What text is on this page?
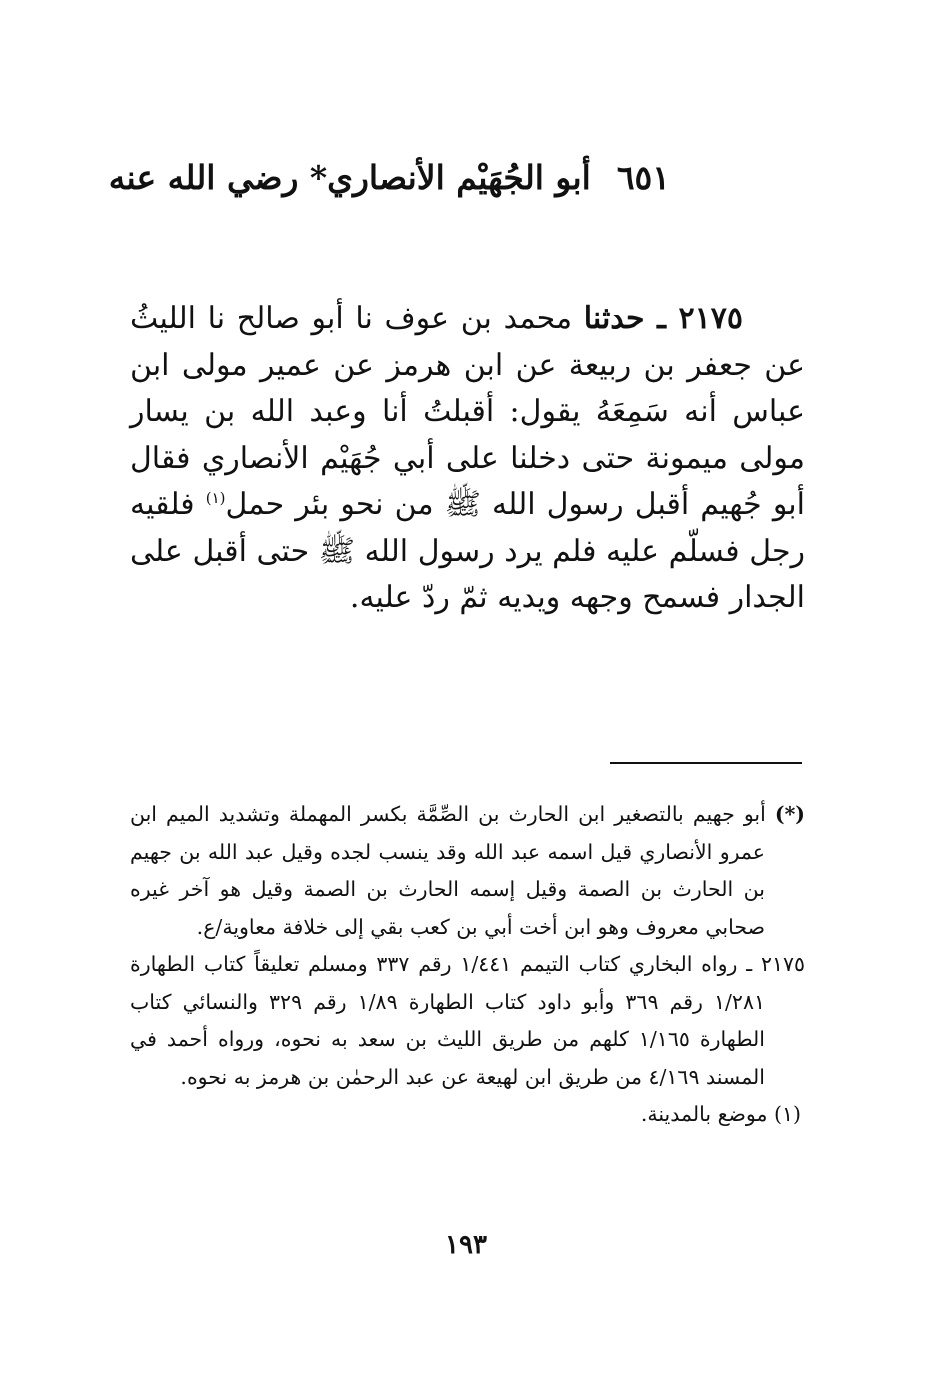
٦٥١أبو الجُهَيْم الأنصاري* رضي الله عنه

٢١٧٥ ـ حدثنا محمد بن عوف نا أبو صالح نا الليثُ عن جعفر بن ربيعة عن ابن هرمز عن عمير مولى ابن عباس أنه سَمِعَهُ يقول: أقبلتُ أنا وعبد الله بن يسار مولى ميمونة حتى دخلنا على أبي جُهَيْم الأنصاري فقال أبو جُهيم أقبل رسول الله ﷺ من نحو بئر حمل$^{(١)}$ فلقيه رجل فسلّم عليه فلم يرد رسول الله ﷺ حتى أقبل على الجدار فسمح وجهه ويديه ثمّ ردّ عليه.

(*) أبو جهيم بالتصغير ابن الحارث بن الصِّمَّة بكسر المهملة وتشديد الميم ابن عمرو الأنصاري قيل اسمه عبد الله وقد ينسب لجده وقيل عبد الله بن جهيم بن الحارث بن الصمة وقيل إسمه الحارث بن الصمة وقيل هو آخر غيره صحابي معروف وهو ابن أخت أبي بن كعب بقي إلى خلافة معاوية/ع.

٢١٧٥ ـ رواه البخاري كتاب التيمم ١/٤٤١ رقم ٣٣٧ ومسلم تعليقاً كتاب الطهارة ١/٢٨١ رقم ٣٦٩ وأبو داود كتاب الطهارة ١/٨٩ رقم ٣٢٩ والنسائي كتاب الطهارة ١/١٦٥ كلهم من طريق الليث بن سعد به نحوه، ورواه أحمد في المسند ٤/١٦٩ من طريق ابن لهيعة عن عبد الرحمٰن بن هرمز به نحوه.

(١) موضع بالمدينة.

١٩٣
